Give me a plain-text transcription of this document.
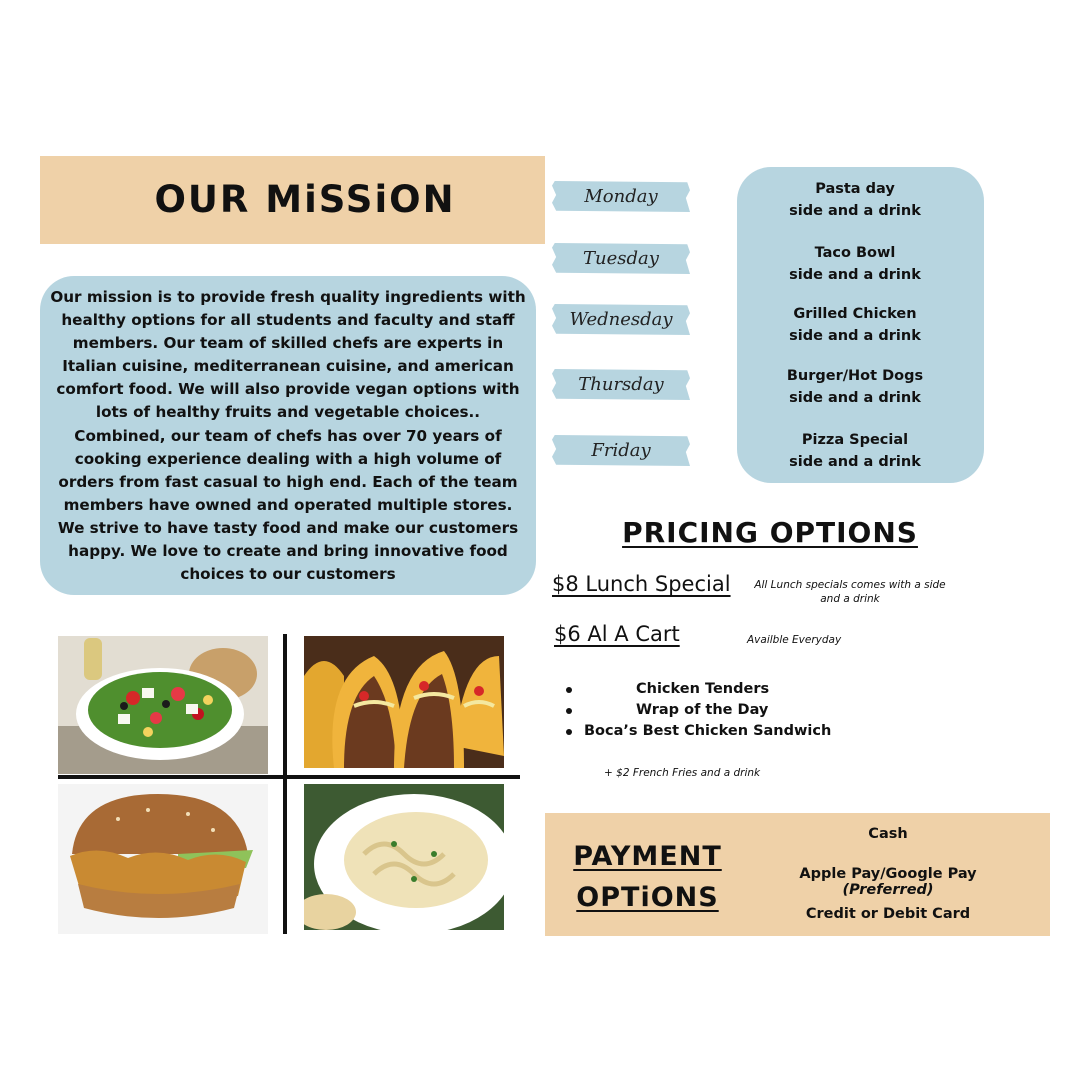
OUR MiSSiON
Our mission is to provide fresh quality ingredients with healthy options for all students and faculty and staff members. Our team of skilled chefs are experts in Italian cuisine, mediterranean cuisine, and american comfort food. We will also provide vegan options with lots of healthy fruits and vegetable choices.. Combined, our team of chefs has over 70 years of cooking experience dealing with a high volume of orders from fast casual to high end. Each of the team members have owned and operated multiple stores. We strive to have tasty food and make our customers happy. We love to create and bring innovative food choices to our customers
Monday
Tuesday
Wednesday
Thursday
Friday
Pasta day
side and a drink
Taco Bowl
side and a drink
Grilled Chicken
side and a drink
Burger/Hot Dogs
side and a drink
Pizza Special
side and a drink
PRICING OPTIONS
$8 Lunch Special All Lunch specials comes with a side and a drink
$6 Al A Cart	Availble Everyday
Chicken Tenders
Wrap of the Day
Boca’s Best Chicken Sandwich
+ $2 French Fries and a drink
PAYMENT
OPTiONS
Cash
Apple Pay/Google Pay (Preferred)
Credit or Debit Card
